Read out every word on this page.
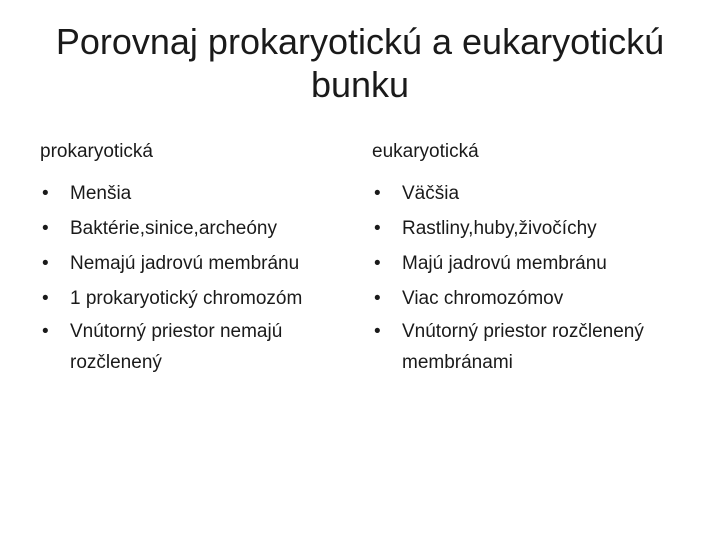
Porovnaj prokaryotickú a eukaryotickú bunku
prokaryotická
• Menšia
• Baktérie,sinice,archeóny
• Nemajú jadrovú membránu
• 1 prokaryotický chromozóm
• Vnútorný priestor nemajú rozčlenený
eukaryotická
• Väčšia
• Rastliny,huby,živočíchy
• Majú jadrovú membránu
• Viac chromozómov
• Vnútorný priestor rozčlenený membránami
